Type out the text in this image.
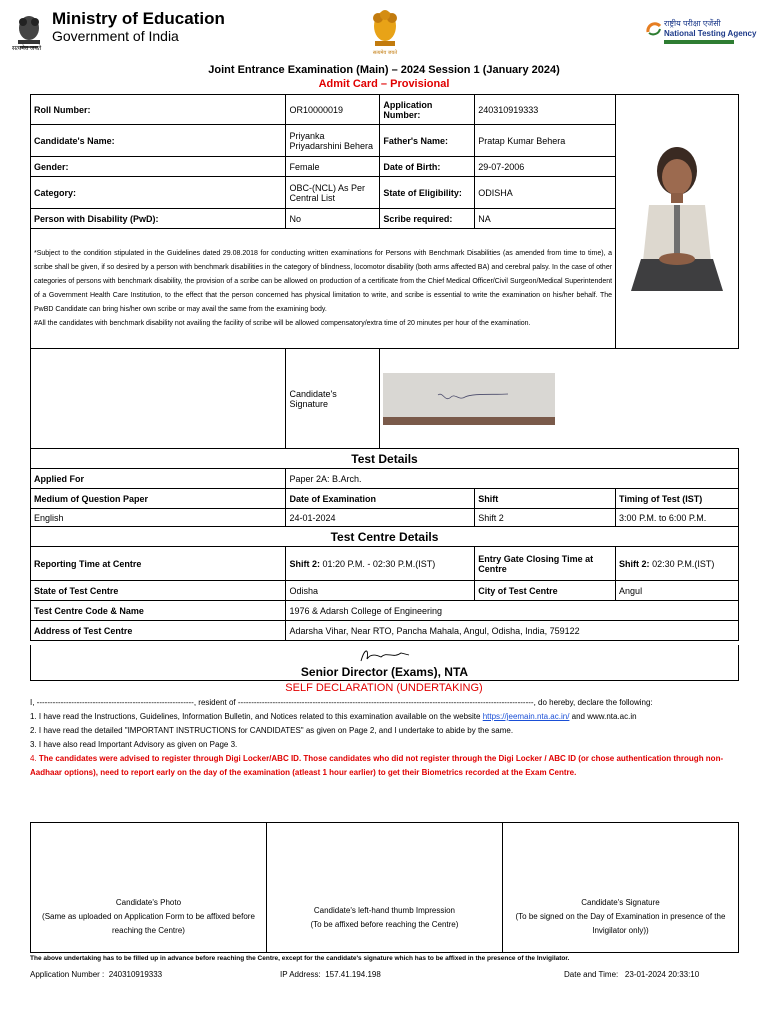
Ministry of Education
Government of India
सत्यमेव जयते
सत्यमेव जयते
राष्ट्रीय परीक्षा एजेंसी
National Testing Agency
Joint Entrance Examination (Main) – 2024 Session 1 (January 2024)
Admit Card – Provisional
Roll Number:	OR10000019	Application Number:	240310919333	
Candidate's Name:	Priyanka Priyadarshini Behera	Father's Name:	Pratap Kumar Behera	
Gender:	Female	Date of Birth:	29-07-2006	
Category:	OBC-(NCL) As Per Central List	State of Eligibility:	ODISHA	
Person with Disability (PwD):	No	Scribe required:	NA	

*Subject to the condition stipulated in the Guidelines dated 29.08.2018 for conducting written examinations for Persons with Benchmark Disabilities (as amended from time to time), a scribe shall be given, if so desired by a person with benchmark disabilities in the category of blindness, locomotor disability (both arms affected BA) and cerebral palsy. In the case of other categories of persons with benchmark disability, the provision of a scribe can be allowed on production of a certificate from the Chief Medical Officer/Civil Surgeon/Medical Superintendent of a Government Health Care Institution, to the effect that the person concerned has physical limitation to write, and scribe is essential to write the examination on his/her behalf. The PwBD Candidate can bring his/her own scribe or may avail the same from the examining body.
#All the candidates with benchmark disability not availing the facility of scribe will be allowed compensatory/extra time of 20 minutes per hour of the examination.				

	Candidate's Signature	
Test Details				
Applied For	Paper 2A: B.Arch.			
Medium of Question Paper	Date of Examination		Shift	Timing of Test (IST)
English	24-01-2024		Shift 2	3:00 P.M. to 6:00 P.M.
Test Centre Details				
Reporting Time at Centre	Shift 2: 01:20 P.M. - 02:30 P.M.(IST)		Entry Gate Closing Time at Centre	Shift 2: 02:30 P.M.(IST)
State of Test Centre	Odisha		City of Test Centre	Angul
Test Centre Code & Name	1976 & Adarsh College of Engineering			
Address of Test Centre	Adarsha Vihar, Near RTO, Pancha Mahala, Angul, Odisha, India, 759122			
Senior Director (Exams), NTA
SELF DECLARATION (UNDERTAKING)
I, -----------------------------------------------------------, resident of ---------------------------------------------------------------------------------------------------------------, do hereby, declare the following:
1. I have read the Instructions, Guidelines, Information Bulletin, and Notices related to this examination available on the website https://jeemain.nta.ac.in/ and www.nta.ac.in
2. I have read the detailed "IMPORTANT INSTRUCTIONS for CANDIDATES" as given on Page 2, and I undertake to abide by the same.
3. I have also read Important Advisory as given on Page 3.
4. The candidates were advised to register through Digi Locker/ABC ID. Those candidates who did not register through the Digi Locker / ABC ID (or chose authentication through non-Aadhaar options), need to report early on the day of the examination (atleast 1 hour earlier) to get their Biometrics recorded at the Exam Centre.
Candidate's Photo
(Same as uploaded on Application Form to be affixed before reaching the Centre)

Candidate's left-hand thumb Impression
(To be affixed before reaching the Centre)

Candidate's Signature
(To be signed on the Day of Examination in presence of the Invigilator only))
The above undertaking has to be filled up in advance before reaching the Centre, except for the candidate's signature which has to be affixed in the presence of the Invigilator.
Application Number : 240310919333	IP Address: 157.41.194.198	Date and Time: 23-01-2024 20:33:10
